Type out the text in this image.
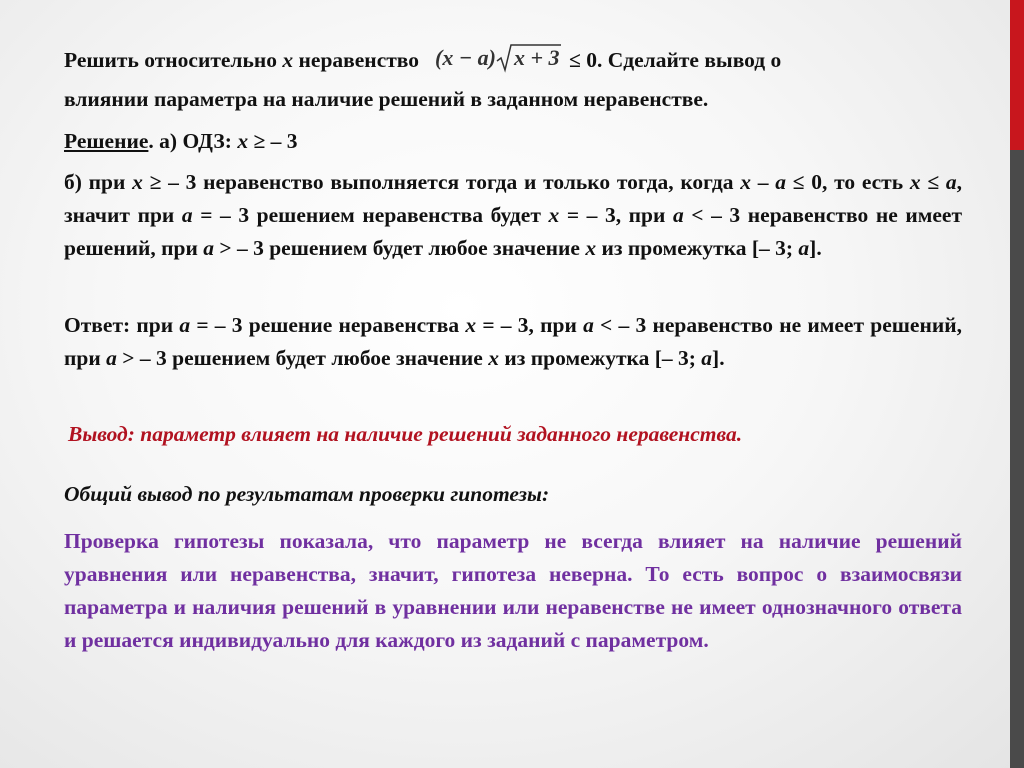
Решить относительно x неравенство (x − a) x + 3 ≤ 0. Сделайте вывод о
влиянии параметра на наличие решений в заданном неравенстве.
Решение. а) ОДЗ: x ≥ – 3
б) при x ≥ – 3 неравенство выполняется тогда и только тогда, когда x – a ≤ 0, то есть x ≤ a, значит при a = – 3 решением неравенства будет x = – 3, при a < – 3 неравенство не имеет решений, при a > – 3 решением будет любое значение x из промежутка [– 3; a].
Ответ: при a = – 3 решение неравенства x = – 3, при a < – 3 неравенство не имеет решений, при a > – 3 решением будет любое значение x из промежутка [– 3; a].
Вывод: параметр влияет на наличие решений заданного неравенства.
Общий вывод по результатам проверки гипотезы:
Проверка гипотезы показала, что параметр не всегда влияет на наличие решений уравнения или неравенства, значит, гипотеза неверна. То есть вопрос о взаимосвязи параметра и наличия решений в уравнении или неравенстве не имеет однозначного ответа и решается индивидуально для каждого из заданий с параметром.
